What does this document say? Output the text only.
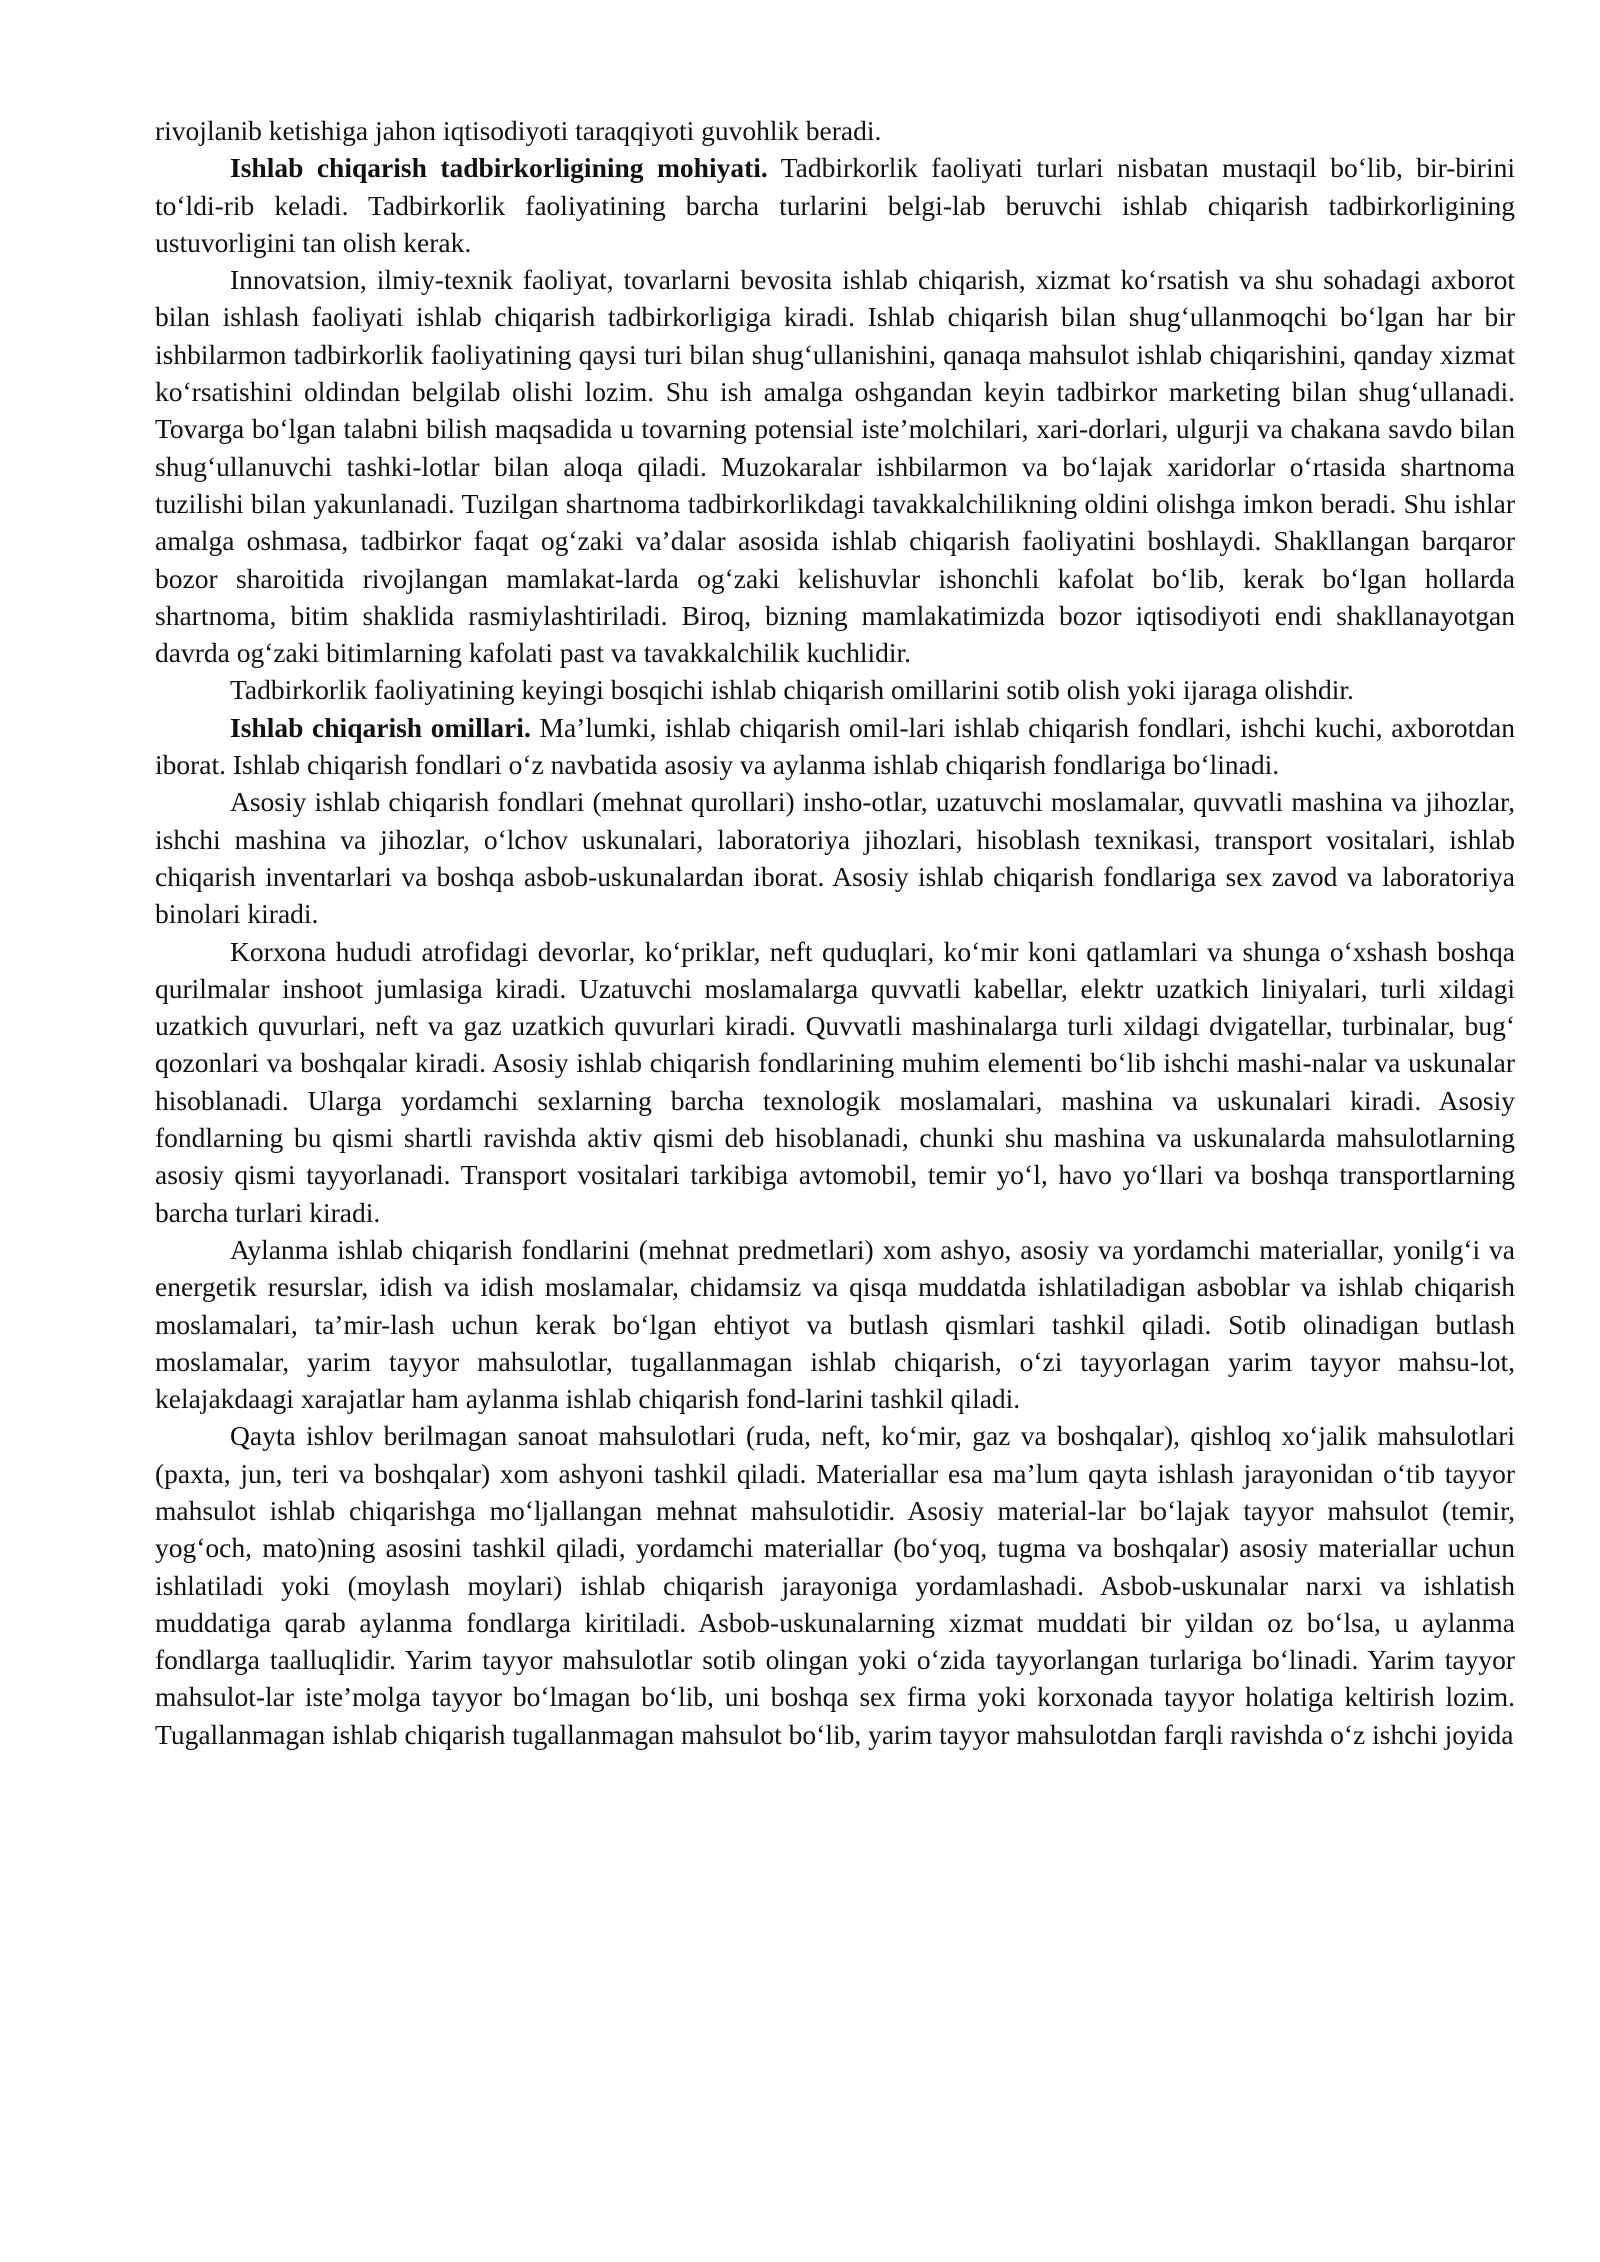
rivojlanib ketishiga jahon iqtisodiyoti taraqqiyoti guvohlik beradi.

Ishlab chiqarish tadbirkorligining mohiyati. Tadbirkorlik faoliyati turlari nisbatan mustaqil bo‘lib, bir-birini to‘ldi-rib keladi. Tadbirkorlik faoliyatining barcha turlarini belgi-lab beruvchi ishlab chiqarish tadbirkorligining ustuvorligini tan olish kerak.

Innovatsion, ilmiy-texnik faoliyat, tovarlarni bevosita ishlab chiqarish, xizmat ko‘rsatish va shu sohadagi axborot bilan ishlash faoliyati ishlab chiqarish tadbirkorligiga kiradi. Ishlab chiqarish bilan shug‘ullanmoqchi bo‘lgan har bir ishbilarmon tadbirkorlik faoliyatining qaysi turi bilan shug‘ullanishini, qanaqa mahsulot ishlab chiqarishini, qanday xizmat ko‘rsatishini oldindan belgilab olishi lozim. Shu ish amalga oshgandan keyin tadbirkor marketing bilan shug‘ullanadi. Tovarga bo‘lgan talabni bilish maqsadida u tovarning potensial iste’molchilari, xari-dorlari, ulgurji va chakana savdo bilan shug‘ullanuvchi tashki-lotlar bilan aloqa qiladi. Muzokaralar ishbilarmon va bo‘lajak xaridorlar o‘rtasida shartnoma tuzilishi bilan yakunlanadi. Tuzilgan shartnoma tadbirkorlikdagi tavakkalchilikning oldini olishga imkon beradi. Shu ishlar amalga oshmasa, tadbirkor faqat og‘zaki va’dalar asosida ishlab chiqarish faoliyatini boshlaydi. Shakllangan barqaror bozor sharoitida rivojlangan mamlakat-larda og‘zaki kelishuvlar ishonchli kafolat bo‘lib, kerak bo‘lgan hollarda shartnoma, bitim shaklida rasmiylashtiriladi. Biroq, bizning mamlakatimizda bozor iqtisodiyoti endi shakllanayotgan davrda og‘zaki bitimlarning kafolati past va tavakkalchilik kuchlidir.

Tadbirkorlik faoliyatining keyingi bosqichi ishlab chiqarish omillarini sotib olish yoki ijaraga olishdir.

Ishlab chiqarish omillari. Ma’lumki, ishlab chiqarish omil-lari ishlab chiqarish fondlari, ishchi kuchi, axborotdan iborat. Ishlab chiqarish fondlari o‘z navbatida asosiy va aylanma ishlab chiqarish fondlariga bo‘linadi.

Asosiy ishlab chiqarish fondlari (mehnat qurollari) insho-otlar, uzatuvchi moslamalar, quvvatli mashina va jihozlar, ishchi mashina va jihozlar, o‘lchov uskunalari, laboratoriya jihozlari, hisoblash texnikasi, transport vositalari, ishlab chiqarish inventarlari va boshqa asbob-uskunalardan iborat. Asosiy ishlab chiqarish fondlariga sex zavod va laboratoriya binolari kiradi.

Korxona hududi atrofidagi devorlar, ko‘priklar, neft quduqlari, ko‘mir koni qatlamlari va shunga o‘xshash boshqa qurilmalar inshoot jumlasiga kiradi. Uzatuvchi moslamalarga quvvatli kabellar, elektr uzatkich liniyalari, turli xildagi uzatkich quvurlari, neft va gaz uzatkich quvurlari kiradi. Quvvatli mashinalarga turli xildagi dvigatellar, turbinalar, bug‘ qozonlari va boshqalar kiradi. Asosiy ishlab chiqarish fondlarining muhim elementi bo‘lib ishchi mashi-nalar va uskunalar hisoblanadi. Ularga yordamchi sexlarning barcha texnologik moslamalari, mashina va uskunalari kiradi. Asosiy fondlarning bu qismi shartli ravishda aktiv qismi deb hisoblanadi, chunki shu mashina va uskunalarda mahsulotlarning asosiy qismi tayyorlanadi. Transport vositalari tarkibiga avtomobil, temir yo‘l, havo yo‘llari va boshqa transportlarning barcha turlari kiradi.

Aylanma ishlab chiqarish fondlarini (mehnat predmetlari) xom ashyo, asosiy va yordamchi materiallar, yonilg‘i va energetik resurslar, idish va idish moslamalar, chidamsiz va qisqa muddatda ishlatiladigan asboblar va ishlab chiqarish moslamalari, ta’mir-lash uchun kerak bo‘lgan ehtiyot va butlash qismlari tashkil qiladi. Sotib olinadigan butlash moslamalar, yarim tayyor mahsulotlar, tugallanmagan ishlab chiqarish, o‘zi tayyorlagan yarim tayyor mahsu-lot, kelajakdaagi xarajatlar ham aylanma ishlab chiqarish fond-larini tashkil qiladi.

Qayta ishlov berilmagan sanoat mahsulotlari (ruda, neft, ko‘mir, gaz va boshqalar), qishloq xo‘jalik mahsulotlari (paxta, jun, teri va boshqalar) xom ashyoni tashkil qiladi. Materiallar esa ma’lum qayta ishlash jarayonidan o‘tib tayyor mahsulot ishlab chiqarishga mo‘ljallangan mehnat mahsulotidir. Asosiy material-lar bo‘lajak tayyor mahsulot (temir, yog‘och, mato)ning asosini tashkil qiladi, yordamchi materiallar (bo‘yoq, tugma va boshqalar) asosiy materiallar uchun ishlatiladi yoki (moylash moylari) ishlab chiqarish jarayoniga yordamlashadi. Asbob-uskunalar narxi va ishlatish muddatiga qarab aylanma fondlarga kiritiladi. Asbob-uskunalarning xizmat muddati bir yildan oz bo‘lsa, u aylanma fondlarga taalluqlidir. Yarim tayyor mahsulotlar sotib olingan yoki o‘zida tayyorlangan turlariga bo‘linadi. Yarim tayyor mahsulot-lar iste’molga tayyor bo‘lmagan bo‘lib, uni boshqa sex firma yoki korxonada tayyor holatiga keltirish lozim. Tugallanmagan ishlab chiqarish tugallanmagan mahsulot bo‘lib, yarim tayyor mahsulotdan farqli ravishda o‘z ishchi joyida
